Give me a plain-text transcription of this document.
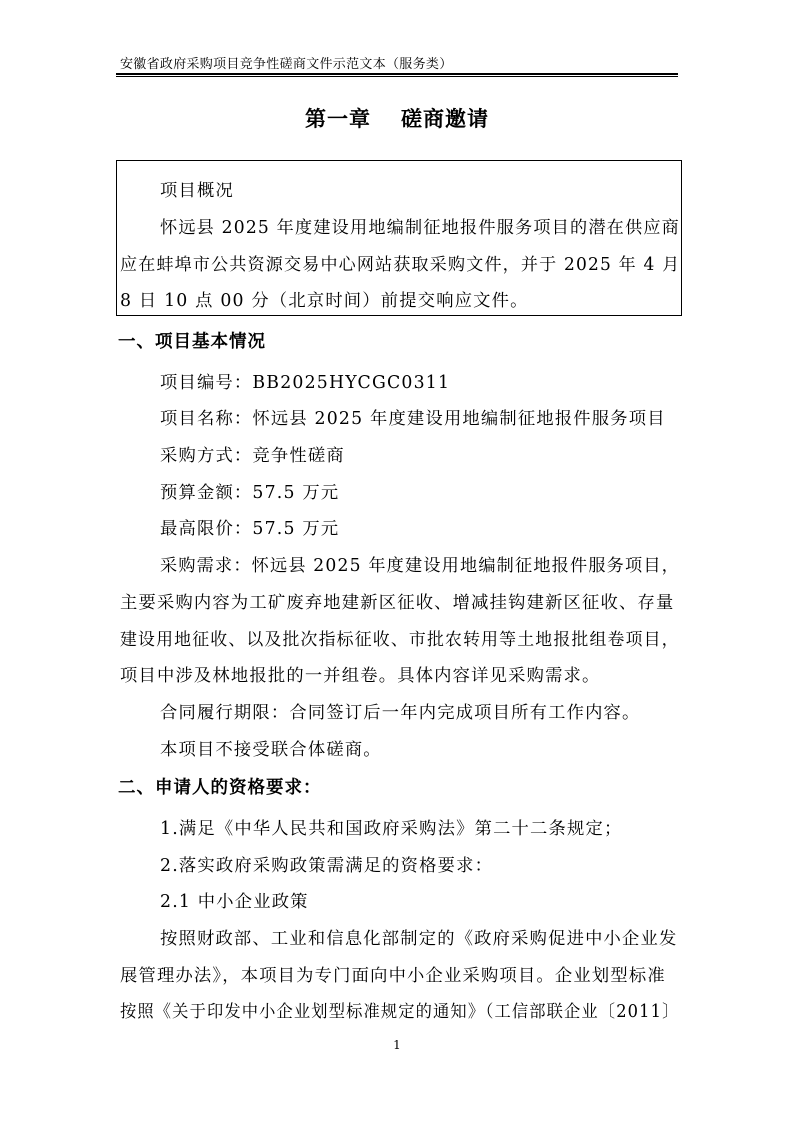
安徽省政府采购项目竞争性磋商文件示范文本（服务类）
第一章 磋商邀请
项目概况
怀远县 2025 年度建设用地编制征地报件服务项目的潜在供应商
应在蚌埠市公共资源交易中心网站获取采购文件，并于 2025 年 4 月
8 日 10 点 00 分（北京时间）前提交响应文件。
一、项目基本情况
项目编号：BB2025HYCGC0311
项目名称：怀远县 2025 年度建设用地编制征地报件服务项目
采购方式：竞争性磋商
预算金额：57.5 万元
最高限价：57.5 万元
采购需求：怀远县 2025 年度建设用地编制征地报件服务项目，
主要采购内容为工矿废弃地建新区征收、增减挂钩建新区征收、存量
建设用地征收、以及批次指标征收、市批农转用等土地报批组卷项目，
项目中涉及林地报批的一并组卷。具体内容详见采购需求。
合同履行期限：合同签订后一年内完成项目所有工作内容。
本项目不接受联合体磋商。
二、申请人的资格要求：
1.满足《中华人民共和国政府采购法》第二十二条规定；
2.落实政府采购政策需满足的资格要求：
2.1 中小企业政策
按照财政部、工业和信息化部制定的《政府采购促进中小企业发
展管理办法》，本项目为专门面向中小企业采购项目。企业划型标准
按照《关于印发中小企业划型标准规定的通知》（工信部联企业〔2011〕
1
